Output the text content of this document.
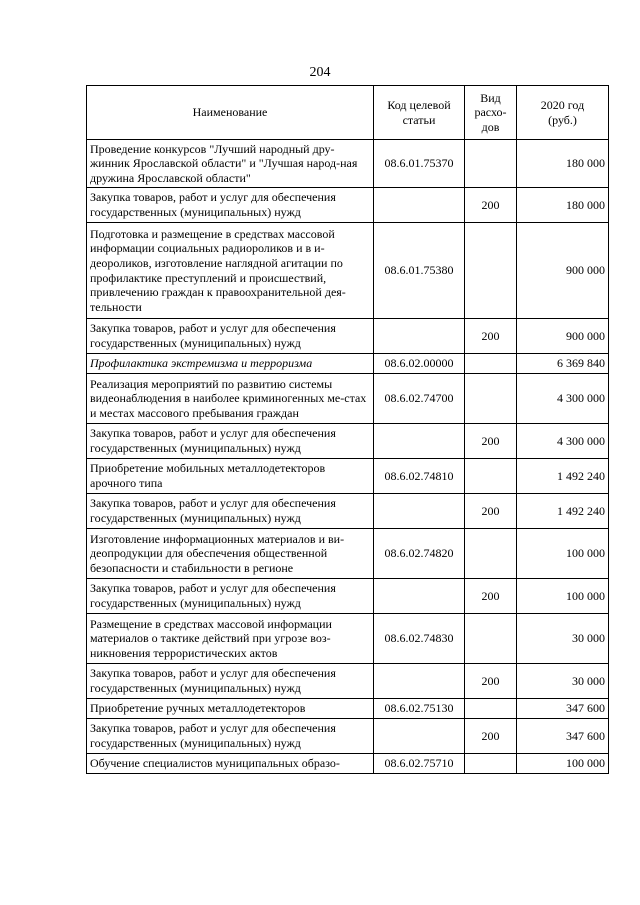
204
Наименование	Код целевой статьи	Вид расхо-дов	2020 год (руб.)

Проведение конкурсов "Лучший народный дру-жинник Ярославской области" и "Лучшая народ-ная дружина Ярославской области"	08.6.01.75370		180 000
Закупка товаров, работ и услуг для обеспечения государственных (муниципальных) нужд		200	180 000
Подготовка и размещение в средствах массовой информации социальных радиороликов и в и-деороликов, изготовление наглядной агитации по профилактике преступлений и происшествий, привлечению граждан к правоохранительной дея-тельности	08.6.01.75380		900 000
Закупка товаров, работ и услуг для обеспечения государственных (муниципальных) нужд		200	900 000
Профилактика экстремизма и терроризма	08.6.02.00000		6 369 840
Реализация мероприятий по развитию системы видеонаблюдения в наиболее криминогенных ме-стах и местах массового пребывания граждан	08.6.02.74700		4 300 000
Закупка товаров, работ и услуг для обеспечения государственных (муниципальных) нужд		200	4 300 000
Приобретение мобильных металлодетекторов арочного типа	08.6.02.74810		1 492 240
Закупка товаров, работ и услуг для обеспечения государственных (муниципальных) нужд		200	1 492 240
Изготовление информационных материалов и ви-деопродукции для обеспечения общественной безопасности и стабильности в регионе	08.6.02.74820		100 000
Закупка товаров, работ и услуг для обеспечения государственных (муниципальных) нужд		200	100 000
Размещение в средствах массовой информации материалов о тактике действий при угрозе воз-никновения террористических актов	08.6.02.74830		30 000
Закупка товаров, работ и услуг для обеспечения государственных (муниципальных) нужд		200	30 000
Приобретение ручных металлодетекторов	08.6.02.75130		347 600
Закупка товаров, работ и услуг для обеспечения государственных (муниципальных) нужд		200	347 600
Обучение специалистов муниципальных образо-	08.6.02.75710		100 000
